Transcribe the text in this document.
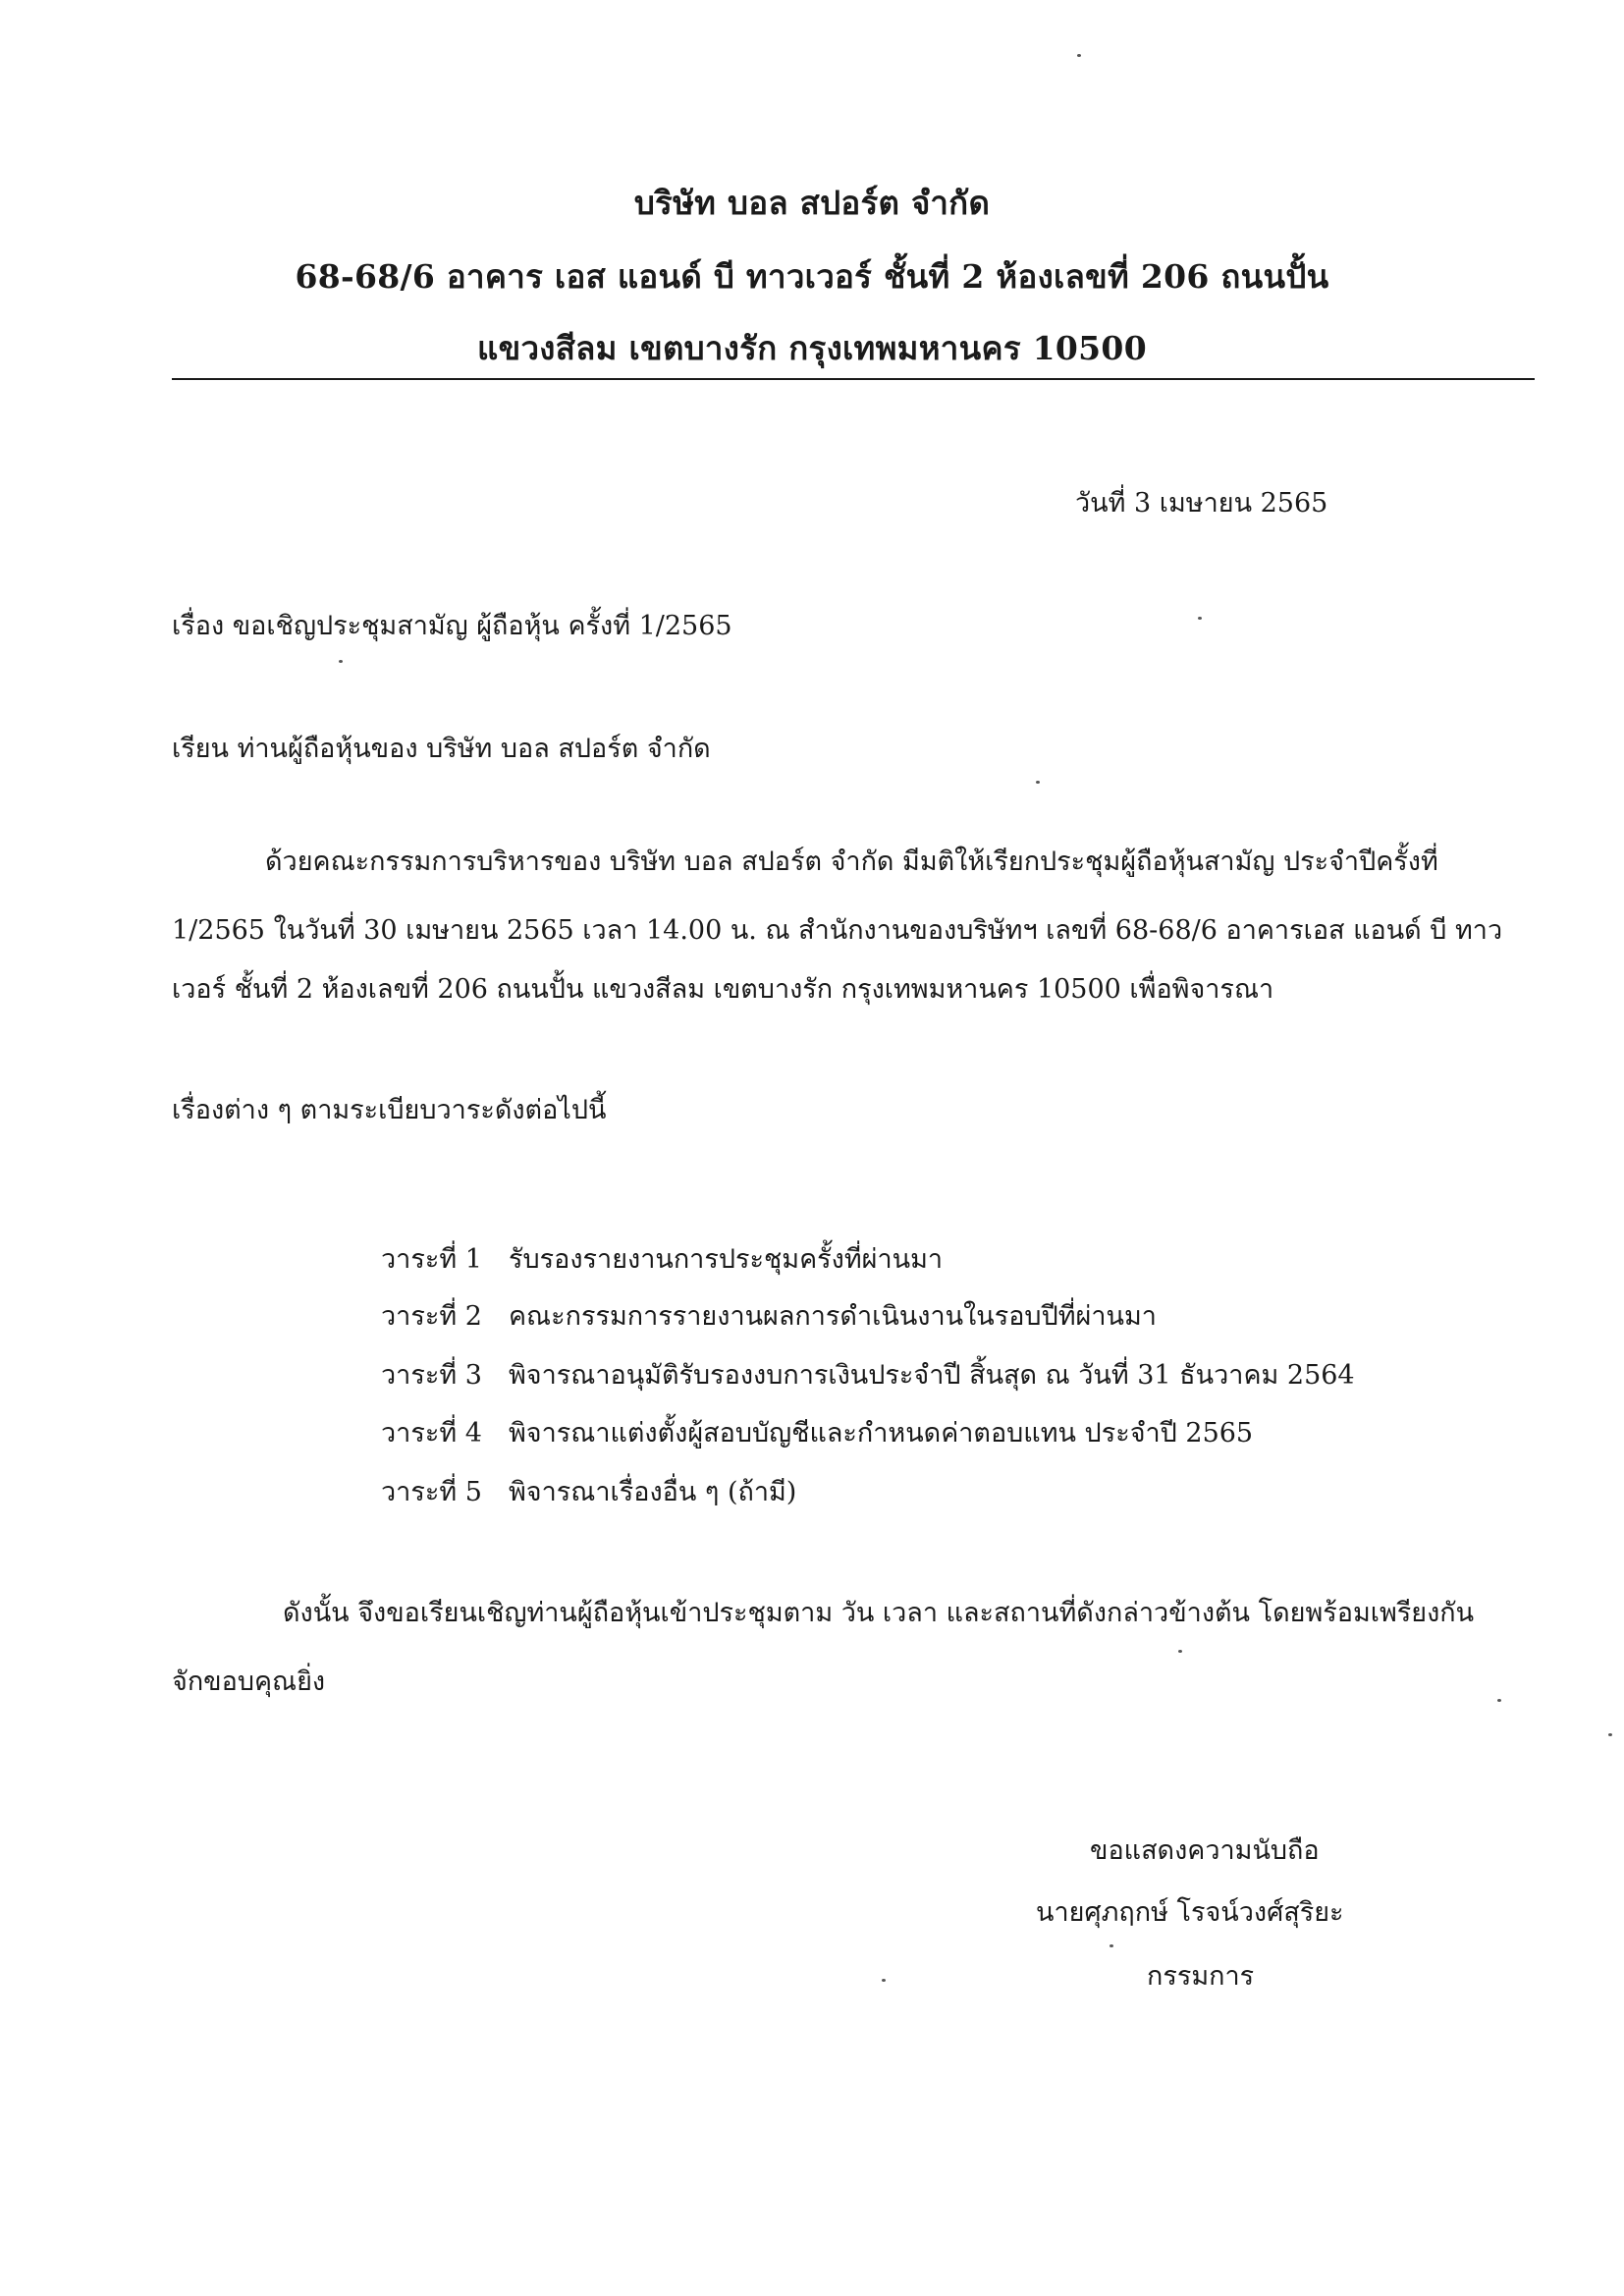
บริษัท บอล สปอร์ต จำกัด
68-68/6 อาคาร เอส แอนด์ บี ทาวเวอร์ ชั้นที่ 2 ห้องเลขที่ 206 ถนนปั้น
แขวงสีลม เขตบางรัก กรุงเทพมหานคร 10500
วันที่ 3 เมษายน 2565
เรื่อง ขอเชิญประชุมสามัญ ผู้ถือหุ้น ครั้งที่ 1/2565
เรียน ท่านผู้ถือหุ้นของ บริษัท บอล สปอร์ต จำกัด
ด้วยคณะกรรมการบริหารของ บริษัท บอล สปอร์ต จำกัด มีมติให้เรียกประชุมผู้ถือหุ้นสามัญ ประจำปีครั้งที่
1/2565 ในวันที่ 30 เมษายน 2565 เวลา 14.00 น. ณ สำนักงานของบริษัทฯ เลขที่ 68-68/6 อาคารเอส แอนด์ บี ทาว
เวอร์ ชั้นที่ 2 ห้องเลขที่ 206 ถนนปั้น แขวงสีลม เขตบางรัก กรุงเทพมหานคร 10500 เพื่อพิจารณา
เรื่องต่าง ๆ ตามระเบียบวาระดังต่อไปนี้
วาระที่ 1 รับรองรายงานการประชุมครั้งที่ผ่านมา
วาระที่ 2 คณะกรรมการรายงานผลการดำเนินงานในรอบปีที่ผ่านมา
วาระที่ 3 พิจารณาอนุมัติรับรองงบการเงินประจำปี สิ้นสุด ณ วันที่ 31 ธันวาคม 2564
วาระที่ 4 พิจารณาแต่งตั้งผู้สอบบัญชีและกำหนดค่าตอบแทน ประจำปี 2565
วาระที่ 5 พิจารณาเรื่องอื่น ๆ (ถ้ามี)
ดังนั้น จึงขอเรียนเชิญท่านผู้ถือหุ้นเข้าประชุมตาม วัน เวลา และสถานที่ดังกล่าวข้างต้น โดยพร้อมเพรียงกัน
จักขอบคุณยิ่ง
ขอแสดงความนับถือ
นายศุภฤกษ์ โรจน์วงศ์สุริยะ
กรรมการ
